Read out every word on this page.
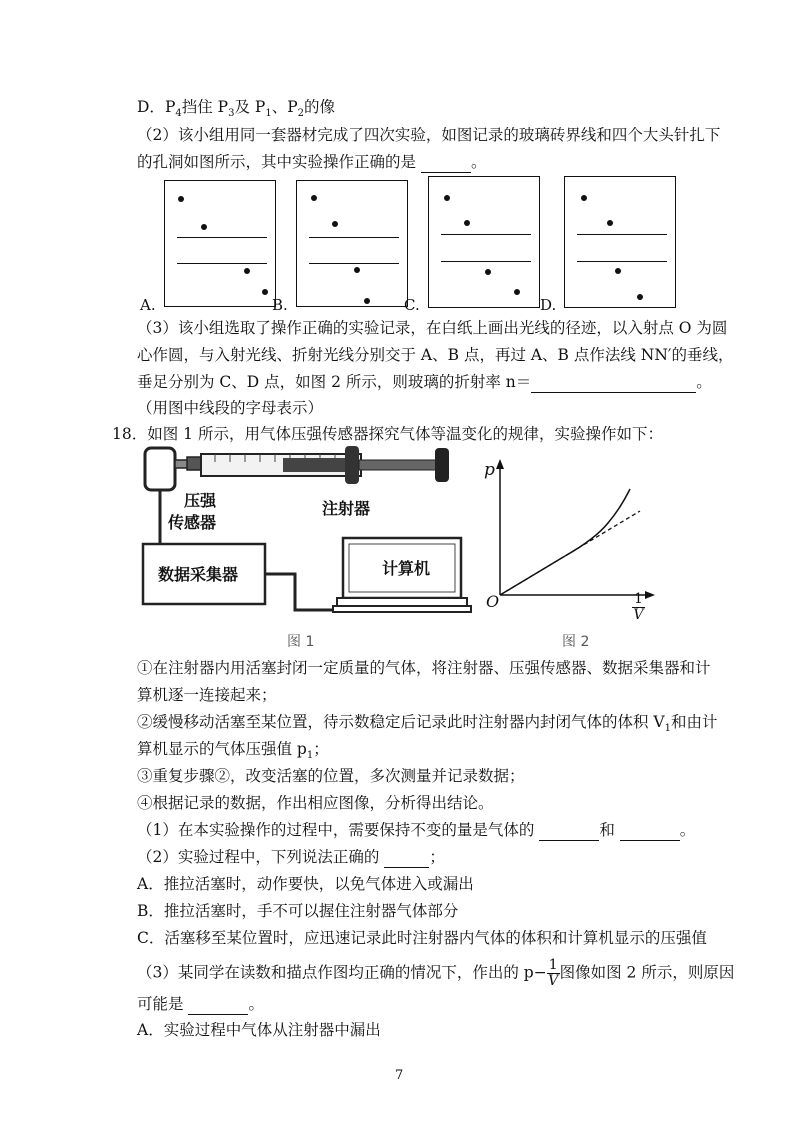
D．$P_4$挡住 $P_3$及 $P_1$、$P_2$的像
（2）该小组用同一套器材完成了四次实验，如图记录的玻璃砖界线和四个大头针扎下
的孔洞如图所示，其中实验操作正确的是	。
A.	B.	C.	D.
（3）该小组选取了操作正确的实验记录，在白纸上画出光线的径迹，以入射点 O 为圆
心作圆，与入射光线、折射光线分别交于 A、B 点，再过 A、B 点作法线 NN′的垂线，
垂足分别为 C、D 点，如图 2 所示，则玻璃的折射率 n＝	。
（用图中线段的字母表示）
18．如图 1 所示，用气体压强传感器探究气体等温变化的规律，实验操作如下：
压强
传感器
注射器
数据采集器	计算机
图 1
p
O	$\frac{1}{V}$
图 2
①在注射器内用活塞封闭一定质量的气体，将注射器、压强传感器、数据采集器和计
算机逐一连接起来；
②缓慢移动活塞至某位置，待示数稳定后记录此时注射器内封闭气体的体积 $V_1$和由计
算机显示的气体压强值 $p_1$；
③重复步骤②，改变活塞的位置，多次测量并记录数据；
④根据记录的数据，作出相应图像，分析得出结论。
（1）在本实验操作的过程中，需要保持不变的量是气体的	和	。
（2）实验过程中，下列说法正确的	；
A．推拉活塞时，动作要快，以免气体进入或漏出
B．推拉活塞时，手不可以握住注射器气体部分
C．活塞移至某位置时，应迅速记录此时注射器内气体的体积和计算机显示的压强值
（3）某同学在读数和描点作图均正确的情况下，作出的 $p- \frac{1}{V}$ 图像如图 2 所示，则原因
可能是	。
A．实验过程中气体从注射器中漏出
7
